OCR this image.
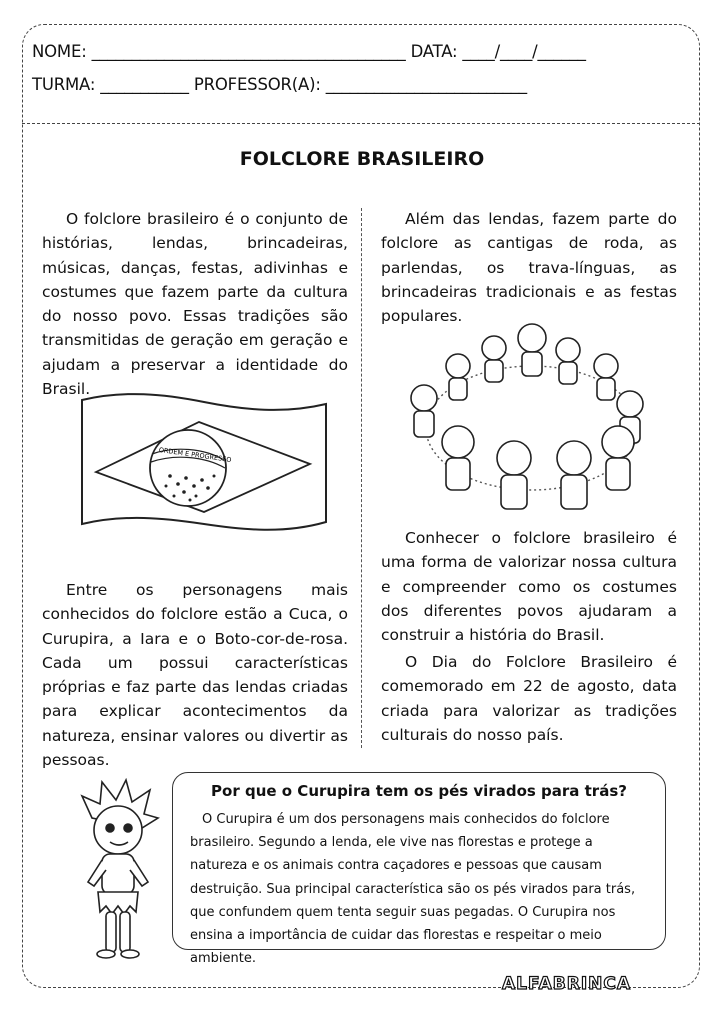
NOME: _______________________________________ DATA: ____/____/______
TURMA: ___________ PROFESSOR(A): _________________________
FOLCLORE BRASILEIRO

O folclore brasileiro é o conjunto de histórias, lendas, brincadeiras, músicas, danças, festas, adivinhas e costumes que fazem parte da cultura do nosso povo. Essas tradições são transmitidas de geração em geração e ajudam a preservar a identidade do Brasil.

ORDEM E PROGRESSO

Entre os personagens mais conhecidos do folclore estão a Cuca, o Curupira, a Iara e o Boto-cor-de-rosa. Cada um possui características próprias e faz parte das lendas criadas para explicar acontecimentos da natureza, ensinar valores ou divertir as pessoas.

Além das lendas, fazem parte do folclore as cantigas de roda, as parlendas, os trava-línguas, as brincadeiras tradicionais e as festas populares.

Conhecer o folclore brasileiro é uma forma de valorizar nossa cultura e compreender como os costumes dos diferentes povos ajudaram a construir a história do Brasil.

O Dia do Folclore Brasileiro é comemorado em 22 de agosto, data criada para valorizar as tradições culturais do nosso país.

Por que o Curupira tem os pés virados para trás?

O Curupira é um dos personagens mais conhecidos do folclore brasileiro. Segundo a lenda, ele vive nas florestas e protege a natureza e os animais contra caçadores e pessoas que causam destruição. Sua principal característica são os pés virados para trás, que confundem quem tenta seguir suas pegadas. O Curupira nos ensina a importância de cuidar das florestas e respeitar o meio ambiente.

ALFABRINCA
